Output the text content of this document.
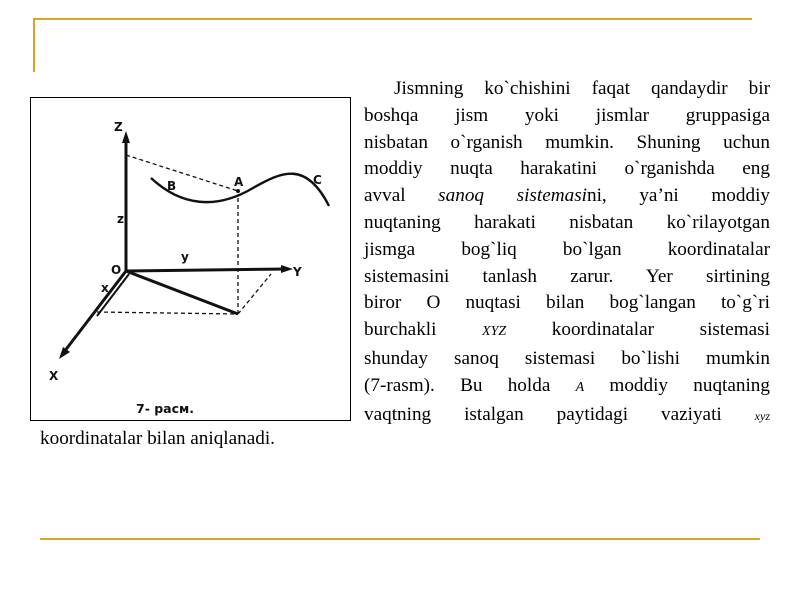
Z
O
z
y
x
Y
X
B	A	C
7- расм.
Jismning ko`chishini faqat qandaydir bir
boshqa jism yoki jismlar gruppasiga
nisbatan o`rganish mumkin. Shuning uchun
moddiy nuqta harakatini o`rganishda eng
avval sanoq sistemasini, ya’ni moddiy
nuqtaning harakati nisbatan ko`rilayotgan
jismga bog`liq bo`lgan koordinatalar
sistemasini tanlash zarur. Yer sirtining
biror O nuqtasi bilan bog`langan to`g`ri
burchakli XYZ koordinatalar sistemasi
shunday sanoq sistemasi bo`lishi mumkin
(7-rasm). Bu holda A moddiy nuqtaning
vaqtning istalgan paytidagi vaziyati xyz
koordinatalar bilan aniqlanadi.
